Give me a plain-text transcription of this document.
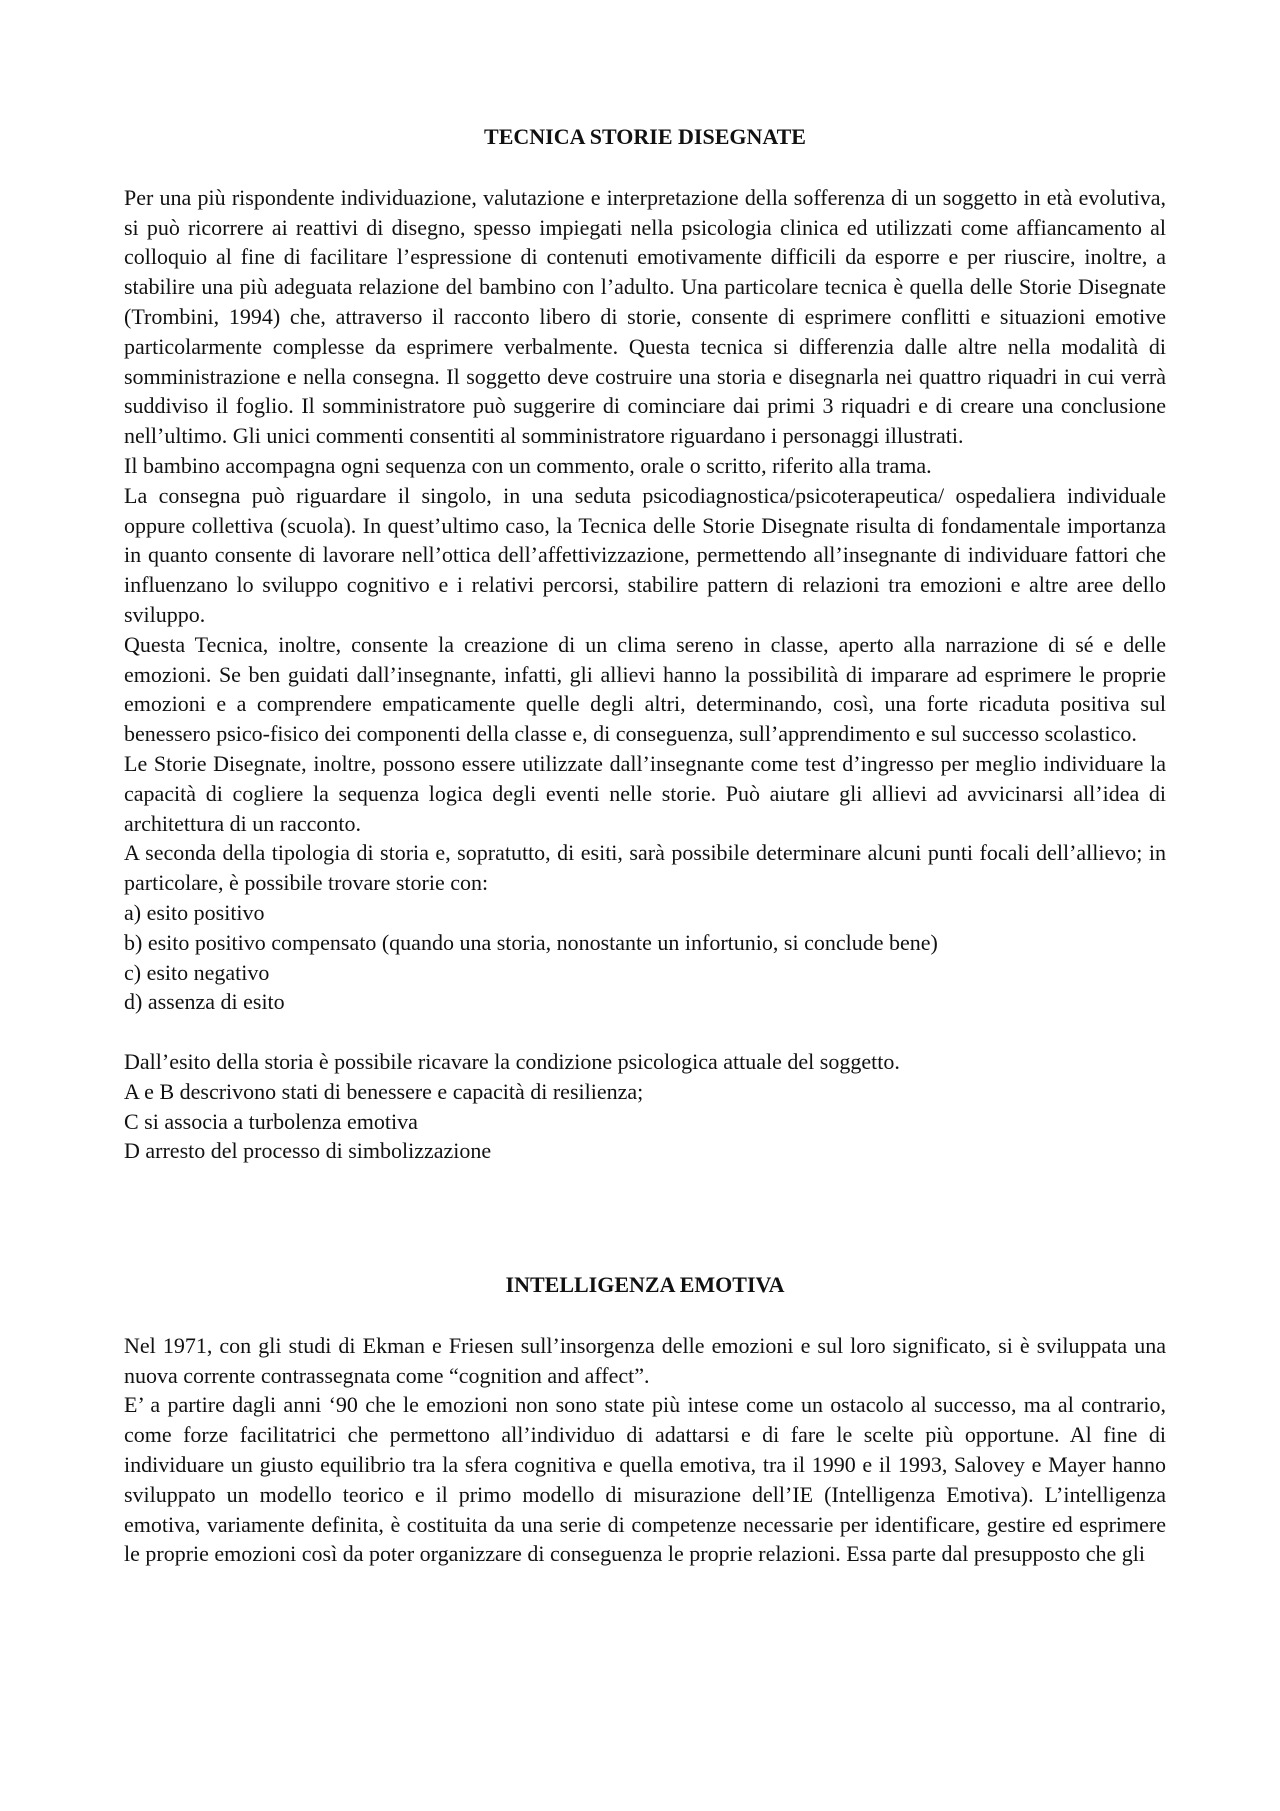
TECNICA STORIE DISEGNATE

Per una più rispondente individuazione, valutazione e interpretazione della sofferenza di un soggetto in età evolutiva, si può ricorrere ai reattivi di disegno, spesso impiegati nella psicologia clinica ed utilizzati come affiancamento al colloquio al fine di facilitare l’espressione di contenuti emotivamente difficili da esporre e per riuscire, inoltre, a stabilire una più adeguata relazione del bambino con l’adulto. Una particolare tecnica è quella delle Storie Disegnate (Trombini, 1994) che, attraverso il racconto libero di storie, consente di esprimere conflitti e situazioni emotive particolarmente complesse da esprimere verbalmente. Questa tecnica si differenzia dalle altre nella modalità di somministrazione e nella consegna. Il soggetto deve costruire una storia e disegnarla nei quattro riquadri in cui verrà suddiviso il foglio. Il somministratore può suggerire di cominciare dai primi 3 riquadri e di creare una conclusione nell’ultimo. Gli unici commenti consentiti al somministratore riguardano i personaggi illustrati.

Il bambino accompagna ogni sequenza con un commento, orale o scritto, riferito alla trama.

La consegna può riguardare il singolo, in una seduta psicodiagnostica/psicoterapeutica/ ospedaliera individuale oppure collettiva (scuola). In quest’ultimo caso, la Tecnica delle Storie Disegnate risulta di fondamentale importanza in quanto consente di lavorare nell’ottica dell’affettivizzazione, permettendo all’insegnante di individuare fattori che influenzano lo sviluppo cognitivo e i relativi percorsi, stabilire pattern di relazioni tra emozioni e altre aree dello sviluppo.

Questa Tecnica, inoltre, consente la creazione di un clima sereno in classe, aperto alla narrazione di sé e delle emozioni. Se ben guidati dall’insegnante, infatti, gli allievi hanno la possibilità di imparare ad esprimere le proprie emozioni e a comprendere empaticamente quelle degli altri, determinando, così, una forte ricaduta positiva sul benessero psico-fisico dei componenti della classe e, di conseguenza, sull’apprendimento e sul successo scolastico.

Le Storie Disegnate, inoltre, possono essere utilizzate dall’insegnante come test d’ingresso per meglio individuare la capacità di cogliere la sequenza logica degli eventi nelle storie. Può aiutare gli allievi ad avvicinarsi all’idea di architettura di un racconto.

A seconda della tipologia di storia e, sopratutto, di esiti, sarà possibile determinare alcuni punti focali dell’allievo; in particolare, è possibile trovare storie con:

a) esito positivo

b) esito positivo compensato (quando una storia, nonostante un infortunio, si conclude bene)

c) esito negativo

d) assenza di esito

Dall’esito della storia è possibile ricavare la condizione psicologica attuale del soggetto.

A e B descrivono stati di benessere e capacità di resilienza;

C si associa a turbolenza emotiva

D arresto del processo di simbolizzazione

INTELLIGENZA EMOTIVA

Nel 1971, con gli studi di Ekman e Friesen sull’insorgenza delle emozioni e sul loro significato, si è sviluppata una nuova corrente contrassegnata come “cognition and affect”.

E’ a partire dagli anni ‘90 che le emozioni non sono state più intese come un ostacolo al successo, ma al contrario, come forze facilitatrici che permettono all’individuo di adattarsi e di fare le scelte più opportune. Al fine di individuare un giusto equilibrio tra la sfera cognitiva e quella emotiva, tra il 1990 e il 1993, Salovey e Mayer hanno sviluppato un modello teorico e il primo modello di misurazione dell’IE (Intelligenza Emotiva). L’intelligenza emotiva, variamente definita, è costituita da una serie di competenze necessarie per identificare, gestire ed esprimere le proprie emozioni così da poter organizzare di conseguenza le proprie relazioni. Essa parte dal presupposto che gli
